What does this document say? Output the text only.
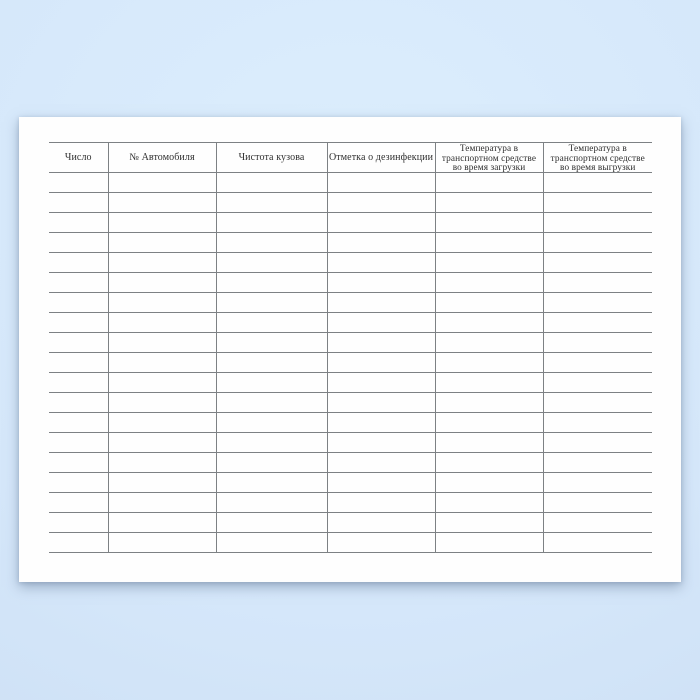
Число	№ Автомобиля	Чистота кузова	Отметка о дезинфекции	Температура в
транспортном средстве
во время загрузки	Температура в
транспортном средстве
во время выгрузки
